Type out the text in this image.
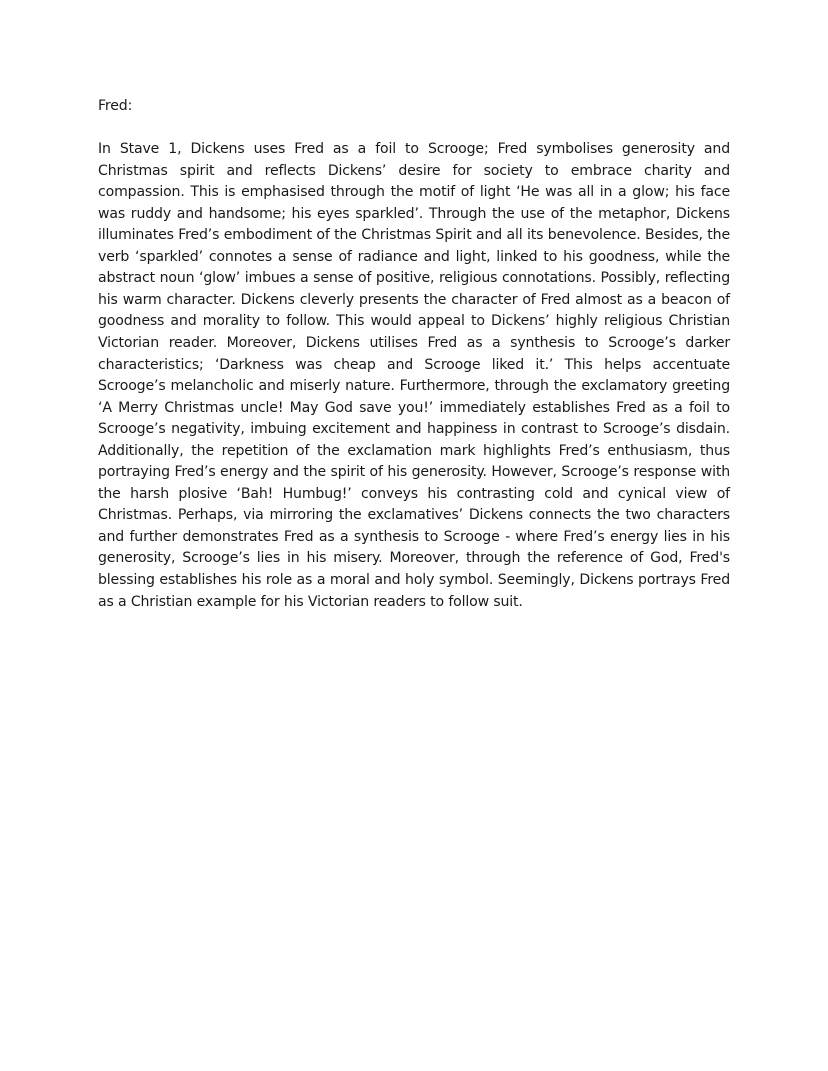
Fred:

In Stave 1, Dickens uses Fred as a foil to Scrooge; Fred symbolises generosity and Christmas spirit and reflects Dickens’ desire for society to embrace charity and compassion. This is emphasised through the motif of light ‘He was all in a glow; his face was ruddy and handsome; his eyes sparkled’. Through the use of the metaphor, Dickens illuminates Fred’s embodiment of the Christmas Spirit and all its benevolence. Besides, the verb ‘sparkled’ connotes a sense of radiance and light, linked to his goodness, while the abstract noun ‘glow’ imbues a sense of positive, religious connotations. Possibly, reflecting his warm character. Dickens cleverly presents the character of Fred almost as a beacon of goodness and morality to follow. This would appeal to Dickens’ highly religious Christian Victorian reader. Moreover, Dickens utilises Fred as a synthesis to Scrooge’s darker characteristics; ‘Darkness was cheap and Scrooge liked it.’ This helps accentuate Scrooge’s melancholic and miserly nature. Furthermore, through the exclamatory greeting ‘A Merry Christmas uncle! May God save you!’ immediately establishes Fred as a foil to Scrooge’s negativity, imbuing excitement and happiness in contrast to Scrooge’s disdain. Additionally, the repetition of the exclamation mark highlights Fred’s enthusiasm, thus portraying Fred’s energy and the spirit of his generosity. However, Scrooge’s response with the harsh plosive ‘Bah! Humbug!’ conveys his contrasting cold and cynical view of Christmas. Perhaps, via mirroring the exclamatives’ Dickens connects the two characters and further demonstrates Fred as a synthesis to Scrooge - where Fred’s energy lies in his generosity, Scrooge’s lies in his misery. Moreover, through the reference of God, Fred's blessing establishes his role as a moral and holy symbol. Seemingly, Dickens portrays Fred as a Christian example for his Victorian readers to follow suit.
